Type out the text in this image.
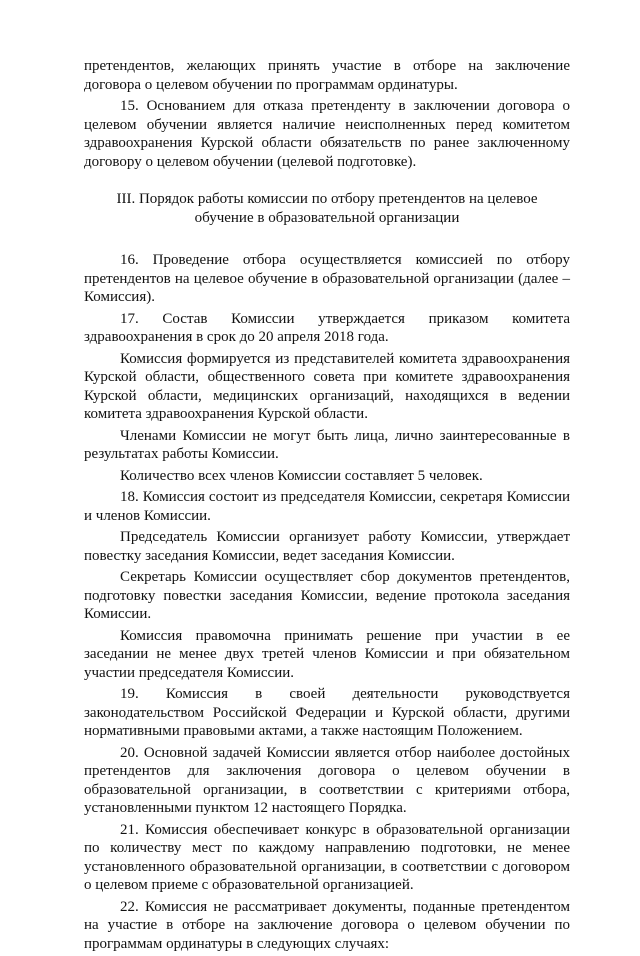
претендентов, желающих принять участие в отборе на заключение договора о целевом обучении по программам ординатуры.

15. Основанием для отказа претенденту в заключении договора о целевом обучении является наличие неисполненных перед комитетом здравоохранения Курской области обязательств по ранее заключенному договору о целевом обучении (целевой подготовке).

III. Порядок работы комиссии по отбору претендентов на целевое
обучение в образовательной организации

16. Проведение отбора осуществляется комиссией по отбору претендентов на целевое обучение в образовательной организации (далее – Комиссия).

17. Состав Комиссии утверждается приказом комитета здравоохранения в срок до 20 апреля 2018 года.

Комиссия формируется из представителей комитета здравоохранения Курской области, общественного совета при комитете здравоохранения Курской области, медицинских организаций, находящихся в ведении комитета здравоохранения Курской области.

Членами Комиссии не могут быть лица, лично заинтересованные в результатах работы Комиссии.

Количество всех членов Комиссии составляет 5 человек.

18. Комиссия состоит из председателя Комиссии, секретаря Комиссии и членов Комиссии.

Председатель Комиссии организует работу Комиссии, утверждает повестку заседания Комиссии, ведет заседания Комиссии.

Секретарь Комиссии осуществляет сбор документов претендентов, подготовку повестки заседания Комиссии, ведение протокола заседания Комиссии.

Комиссия правомочна принимать решение при участии в ее заседании не менее двух третей членов Комиссии и при обязательном участии председателя Комиссии.

19. Комиссия в своей деятельности руководствуется законодательством Российской Федерации и Курской области, другими нормативными правовыми актами, а также настоящим Положением.

20. Основной задачей Комиссии является отбор наиболее достойных претендентов для заключения договора о целевом обучении в образовательной организации, в соответствии с критериями отбора, установленными пунктом 12 настоящего Порядка.

21. Комиссия обеспечивает конкурс в образовательной организации по количеству мест по каждому направлению подготовки, не менее установленного образовательной организации, в соответствии с договором о целевом приеме с образовательной организацией.

22. Комиссия не рассматривает документы, поданные претендентом на участие в отборе на заключение договора о целевом обучении по программам ординатуры в следующих случаях:
